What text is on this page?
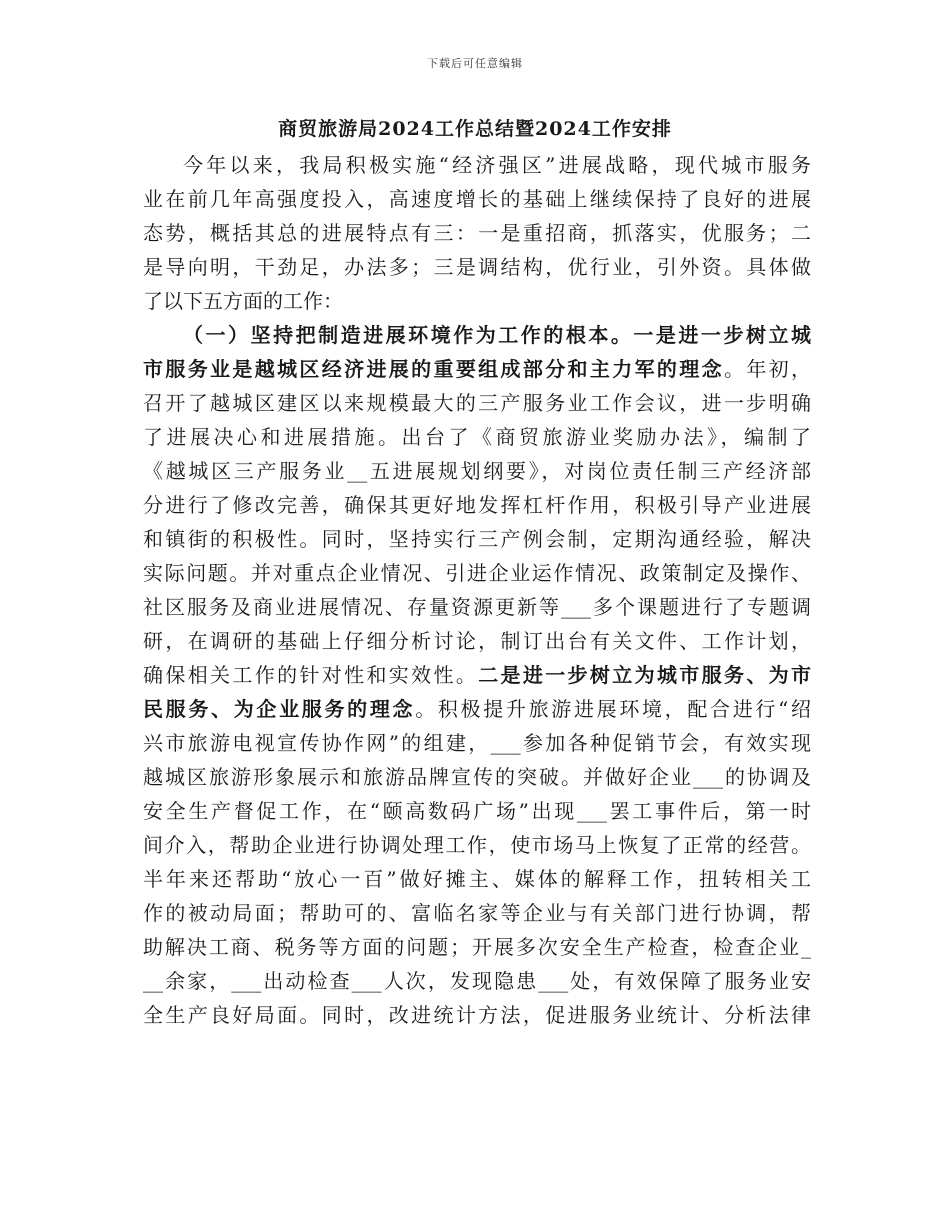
下载后可任意编辑
商贸旅游局2024工作总结暨2024工作安排
今年以来，我局积极实施“经济强区”进展战略，现代城市服务
业在前几年高强度投入，高速度增长的基础上继续保持了良好的进展
态势，概括其总的进展特点有三：一是重招商，抓落实，优服务；二
是导向明，干劲足，办法多；三是调结构，优行业，引外资。具体做
了以下五方面的工作：
（一）坚持把制造进展环境作为工作的根本。一是进一步树立城
市服务业是越城区经济进展的重要组成部分和主力军的理念。年初，
召开了越城区建区以来规模最大的三产服务业工作会议，进一步明确
了进展决心和进展措施。出台了《商贸旅游业奖励办法》，编制了
《越城区三产服务业__五进展规划纲要》，对岗位责任制三产经济部
分进行了修改完善，确保其更好地发挥杠杆作用，积极引导产业进展
和镇街的积极性。同时，坚持实行三产例会制，定期沟通经验，解决
实际问题。并对重点企业情况、引进企业运作情况、政策制定及操作、
社区服务及商业进展情况、存量资源更新等___多个课题进行了专题调
研，在调研的基础上仔细分析讨论，制订出台有关文件、工作计划，
确保相关工作的针对性和实效性。二是进一步树立为城市服务、为市
民服务、为企业服务的理念。积极提升旅游进展环境，配合进行“绍
兴市旅游电视宣传协作网”的组建，___参加各种促销节会，有效实现
越城区旅游形象展示和旅游品牌宣传的突破。并做好企业___的协调及
安全生产督促工作，在“颐高数码广场”出现___罢工事件后，第一时
间介入，帮助企业进行协调处理工作，使市场马上恢复了正常的经营。
半年来还帮助“放心一百”做好摊主、媒体的解释工作，扭转相关工
作的被动局面；帮助可的、富临名家等企业与有关部门进行协调，帮
助解决工商、税务等方面的问题；开展多次安全生产检查，检查企业_
__余家，___出动检查___人次，发现隐患___处，有效保障了服务业安
全生产良好局面。同时，改进统计方法，促进服务业统计、分析法律
